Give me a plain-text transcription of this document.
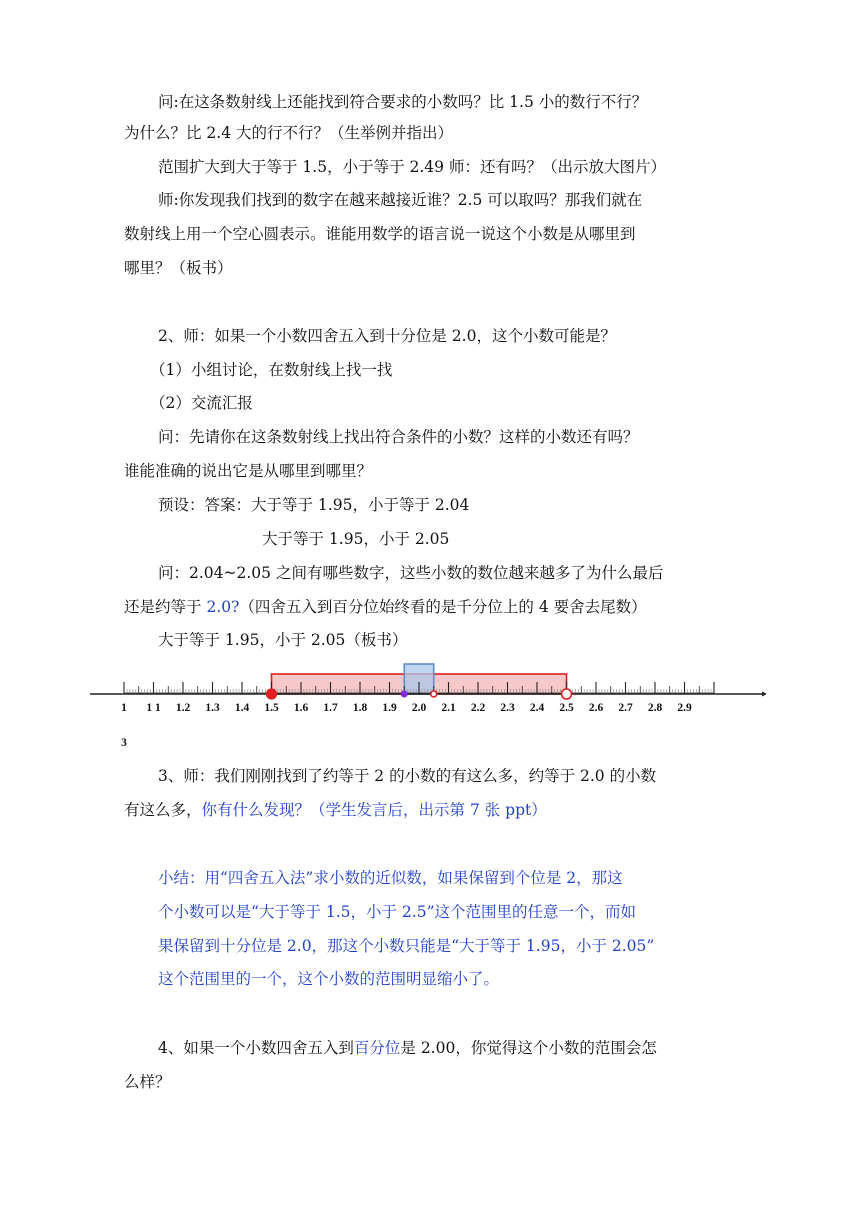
问:在这条数射线上还能找到符合要求的小数吗？比 1.5 小的数行不行？
为什么？比 2.4 大的行不行？（生举例并指出）
范围扩大到大于等于 1.5，小于等于 2.49 师：还有吗？（出示放大图片）
师:你发现我们找到的数字在越来越接近谁？2.5 可以取吗？那我们就在
数射线上用一个空心圆表示。谁能用数学的语言说一说这个小数是从哪里到
哪里？（板书）
2、师：如果一个小数四舍五入到十分位是 2.0，这个小数可能是？
（1）小组讨论，在数射线上找一找
（2）交流汇报
问：先请你在这条数射线上找出符合条件的小数？这样的小数还有吗？
谁能准确的说出它是从哪里到哪里？
预设：答案：大于等于 1.95，小于等于 2.04
大于等于 1.95，小于 2.05
问：2.04~2.05 之间有哪些数字，这些小数的数位越来越多了为什么最后
还是约等于 2.0?（四舍五入到百分位始终看的是千分位上的 4 要舍去尾数）
大于等于 1.95，小于 2.05（板书）
1 1 1 1.2 1.3 1.4 1.5 1.6 1.7 1.8 1.9 2.0 2.1 2.2 2.3 2.4 2.5 2.6 2.7 2.8 2.9
3
3、师：我们刚刚找到了约等于 2 的小数的有这么多，约等于 2.0 的小数
有这么多，你有什么发现？（学生发言后，出示第 7 张 ppt）
小结：用“四舍五入法”求小数的近似数，如果保留到个位是 2，那这
个小数可以是“大于等于 1.5，小于 2.5”这个范围里的任意一个，而如
果保留到十分位是 2.0，那这个小数只能是“大于等于 1.95，小于 2.05”
这个范围里的一个，这个小数的范围明显缩小了。
4、如果一个小数四舍五入到百分位是 2.00，你觉得这个小数的范围会怎
么样？
